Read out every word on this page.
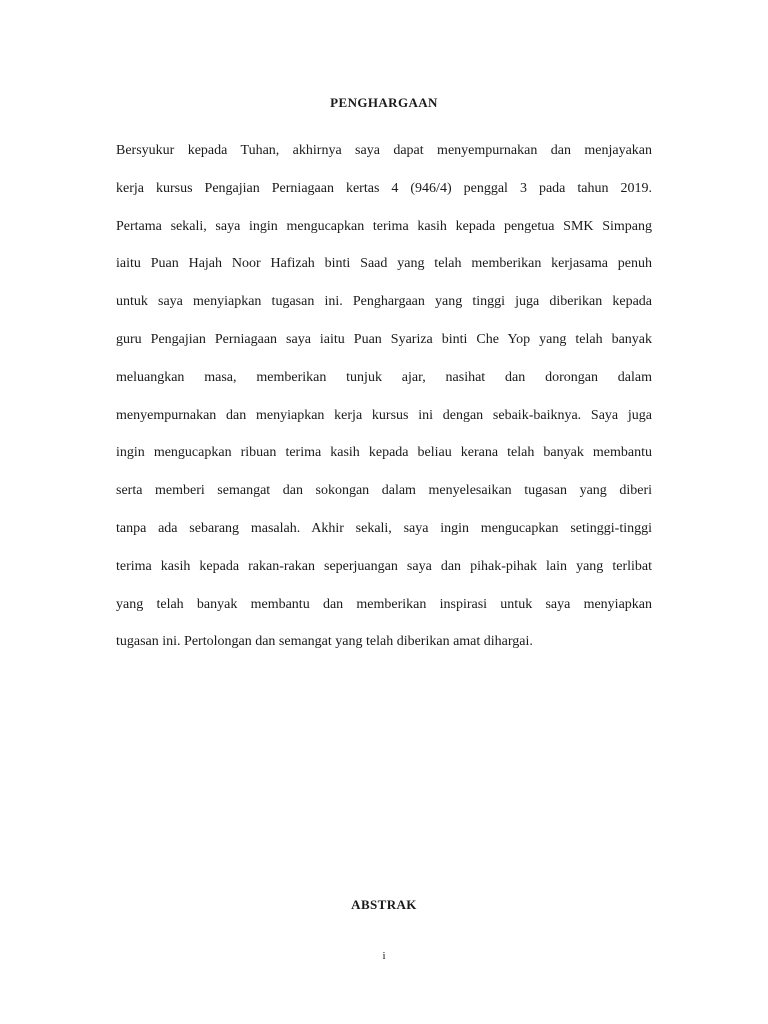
PENGHARGAAN
Bersyukur kepada Tuhan, akhirnya saya dapat menyempurnakan dan menjayakan
kerja kursus Pengajian Perniagaan kertas 4 (946/4) penggal 3 pada tahun 2019.
Pertama sekali, saya ingin mengucapkan terima kasih kepada pengetua SMK Simpang
iaitu Puan Hajah Noor Hafizah binti Saad yang telah memberikan kerjasama penuh
untuk saya menyiapkan tugasan ini. Penghargaan yang tinggi juga diberikan kepada
guru Pengajian Perniagaan saya iaitu Puan Syariza binti Che Yop yang telah banyak
meluangkan masa, memberikan tunjuk ajar, nasihat dan dorongan dalam
menyempurnakan dan menyiapkan kerja kursus ini dengan sebaik-baiknya. Saya juga
ingin mengucapkan ribuan terima kasih kepada beliau kerana telah banyak membantu
serta memberi semangat dan sokongan dalam menyelesaikan tugasan yang diberi
tanpa ada sebarang masalah. Akhir sekali, saya ingin mengucapkan setinggi-tinggi
terima kasih kepada rakan-rakan seperjuangan saya dan pihak-pihak lain yang terlibat
yang telah banyak membantu dan memberikan inspirasi untuk saya menyiapkan
tugasan ini. Pertolongan dan semangat yang telah diberikan amat dihargai.
ABSTRAK
i
